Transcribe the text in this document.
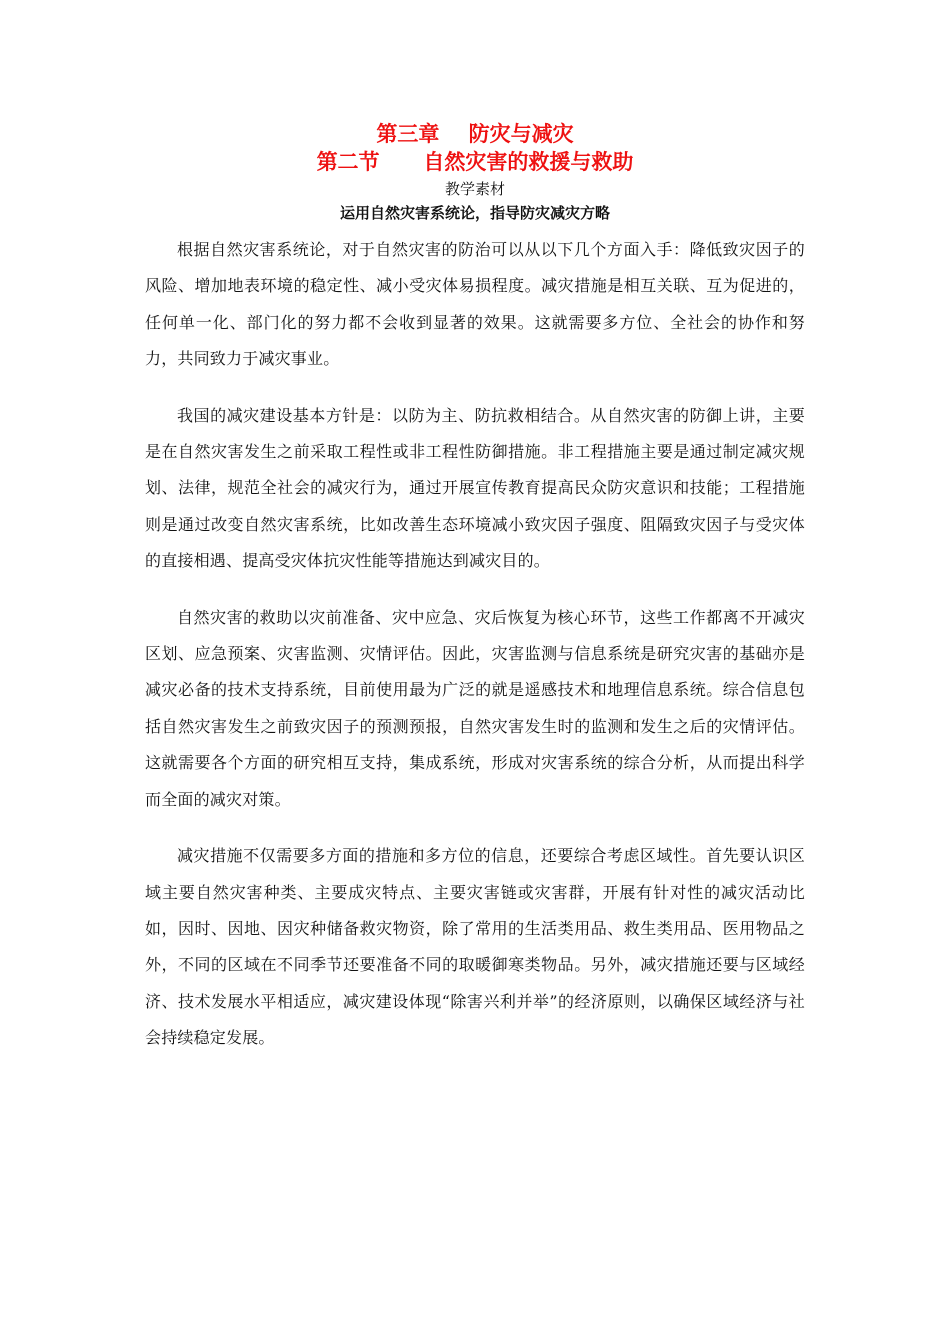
第三章    防灾与减灾
第二节      自然灾害的救援与救助
教学素材
运用自然灾害系统论，指导防灾减灾方略

根据自然灾害系统论，对于自然灾害的防治可以从以下几个方面入手：降低致灾因子的风险、增加地表环境的稳定性、减小受灾体易损程度。减灾措施是相互关联、互为促进的，任何单一化、部门化的努力都不会收到显著的效果。这就需要多方位、全社会的协作和努力，共同致力于减灾事业。

我国的减灾建设基本方针是：以防为主、防抗救相结合。从自然灾害的防御上讲，主要是在自然灾害发生之前采取工程性或非工程性防御措施。非工程措施主要是通过制定减灾规划、法律，规范全社会的减灾行为，通过开展宣传教育提高民众防灾意识和技能；工程措施则是通过改变自然灾害系统，比如改善生态环境减小致灾因子强度、阻隔致灾因子与受灾体的直接相遇、提高受灾体抗灾性能等措施达到减灾目的。

自然灾害的救助以灾前准备、灾中应急、灾后恢复为核心环节，这些工作都离不开减灾区划、应急预案、灾害监测、灾情评估。因此，灾害监测与信息系统是研究灾害的基础亦是减灾必备的技术支持系统，目前使用最为广泛的就是遥感技术和地理信息系统。综合信息包括自然灾害发生之前致灾因子的预测预报，自然灾害发生时的监测和发生之后的灾情评估。这就需要各个方面的研究相互支持，集成系统，形成对灾害系统的综合分析，从而提出科学而全面的减灾对策。

减灾措施不仅需要多方面的措施和多方位的信息，还要综合考虑区域性。首先要认识区域主要自然灾害种类、主要成灾特点、主要灾害链或灾害群，开展有针对性的减灾活动比如，因时、因地、因灾种储备救灾物资，除了常用的生活类用品、救生类用品、医用物品之外，不同的区域在不同季节还要准备不同的取暖御寒类物品。另外，减灾措施还要与区域经济、技术发展水平相适应，减灾建设体现“除害兴利并举”的经济原则，以确保区域经济与社会持续稳定发展。
